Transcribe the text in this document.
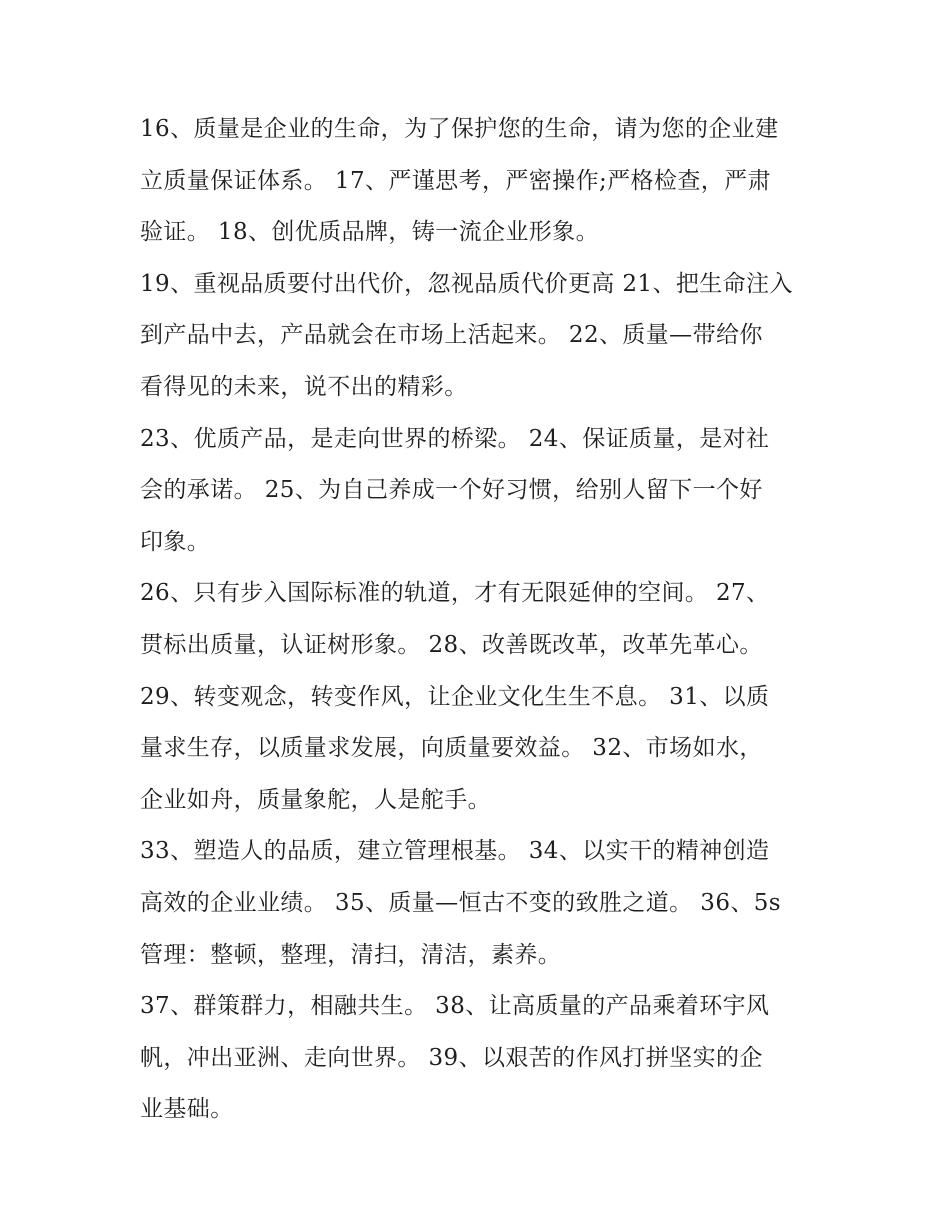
16、质量是企业的生命，为了保护您的生命，请为您的企业建
立质量保证体系。 17、严谨思考，严密操作;严格检查，严肃
验证。 18、创优质品牌，铸一流企业形象。
19、重视品质要付出代价，忽视品质代价更高 21、把生命注入
到产品中去，产品就会在市场上活起来。 22、质量—带给你
看得见的未来，说不出的精彩。
23、优质产品，是走向世界的桥梁。 24、保证质量，是对社
会的承诺。 25、为自己养成一个好习惯，给别人留下一个好
印象。
26、只有步入国际标准的轨道，才有无限延伸的空间。 27、
贯标出质量，认证树形象。 28、改善既改革，改革先革心。
29、转变观念，转变作风，让企业文化生生不息。 31、以质
量求生存，以质量求发展，向质量要效益。 32、市场如水，
企业如舟，质量象舵，人是舵手。
33、塑造人的品质，建立管理根基。 34、以实干的精神创造
高效的企业业绩。 35、质量—恒古不变的致胜之道。 36、5s
管理：整顿，整理，清扫，清洁，素养。
37、群策群力，相融共生。 38、让高质量的产品乘着环宇风
帆，冲出亚洲、走向世界。 39、以艰苦的作风打拼坚实的企
业基础。
